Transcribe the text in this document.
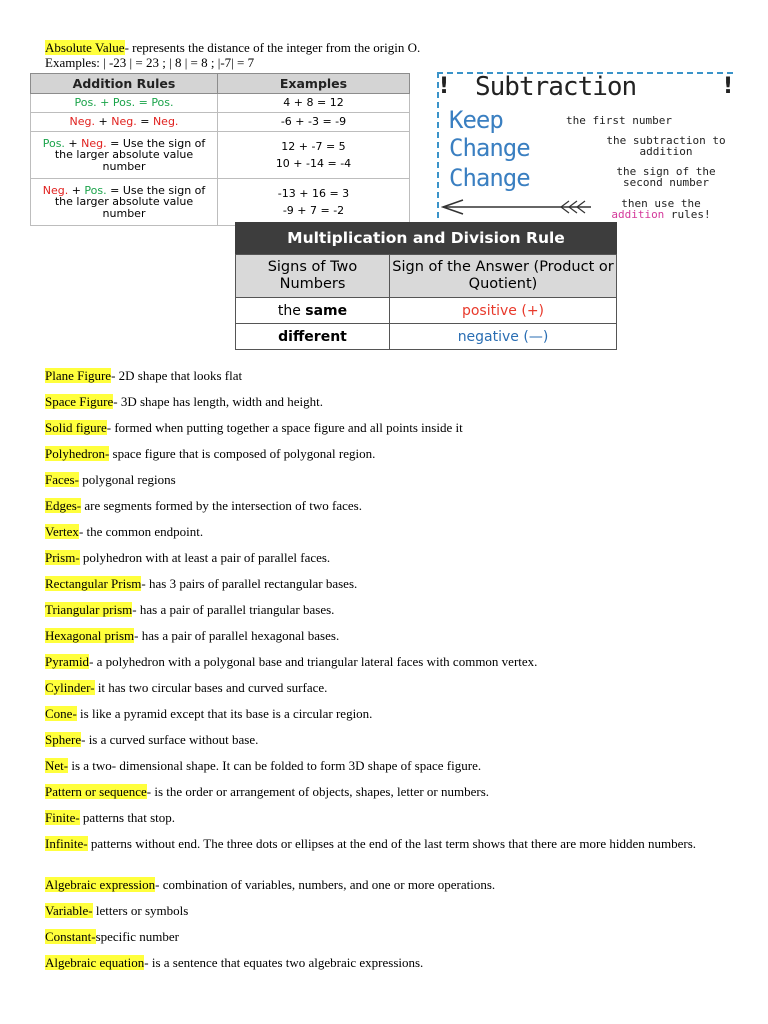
Absolute Value- represents the distance of the integer from the origin O.
Examples: | -23 | = 23 ; | 8 | = 8 ; |-7| = 7
Addition Rules	Examples
Pos. + Pos. = Pos.	4 + 8 = 12
Neg. + Neg. = Neg.	-6 + -3 = -9
Pos. + Neg. = Use the sign of the larger absolute value number	12 + -7 = 5
10 + -14 = -4

Neg. + Pos. = Use the sign of the larger absolute value number	-13 + 16 = 3
-9 + 7 = -2
! Subtraction	!
Keep	the first number
Change	the subtraction to addition
Change	the sign of the second number
then use the
addition rules!
Multiplication and Division Rule
Signs of Two Numbers	Sign of the Answer (Product or Quotient)
the same	positive (+)
different	negative (—)
Plane Figure- 2D shape that looks flat
Space Figure- 3D shape has length, width and height.
Solid figure- formed when putting together a space figure and all points inside it
Polyhedron- space figure that is composed of polygonal region.
Faces- polygonal regions
Edges- are segments formed by the intersection of two faces.
Vertex- the common endpoint.
Prism- polyhedron with at least a pair of parallel faces.
Rectangular Prism- has 3 pairs of parallel rectangular bases.
Triangular prism- has a pair of parallel triangular bases.
Hexagonal prism- has a pair of parallel hexagonal bases.
Pyramid- a polyhedron with a polygonal base and triangular lateral faces with common vertex.
Cylinder- it has two circular bases and curved surface.
Cone- is like a pyramid except that its base is a circular region.
Sphere- is a curved surface without base.
Net- is a two- dimensional shape. It can be folded to form 3D shape of space figure.
Pattern or sequence- is the order or arrangement of objects, shapes, letter or numbers.
Finite- patterns that stop.
Infinite- patterns without end. The three dots or ellipses at the end of the last term shows that there are more hidden numbers.
Algebraic expression- combination of variables, numbers, and one or more operations.
Variable- letters or symbols
Constant-specific number
Algebraic equation- is a sentence that equates two algebraic expressions.
